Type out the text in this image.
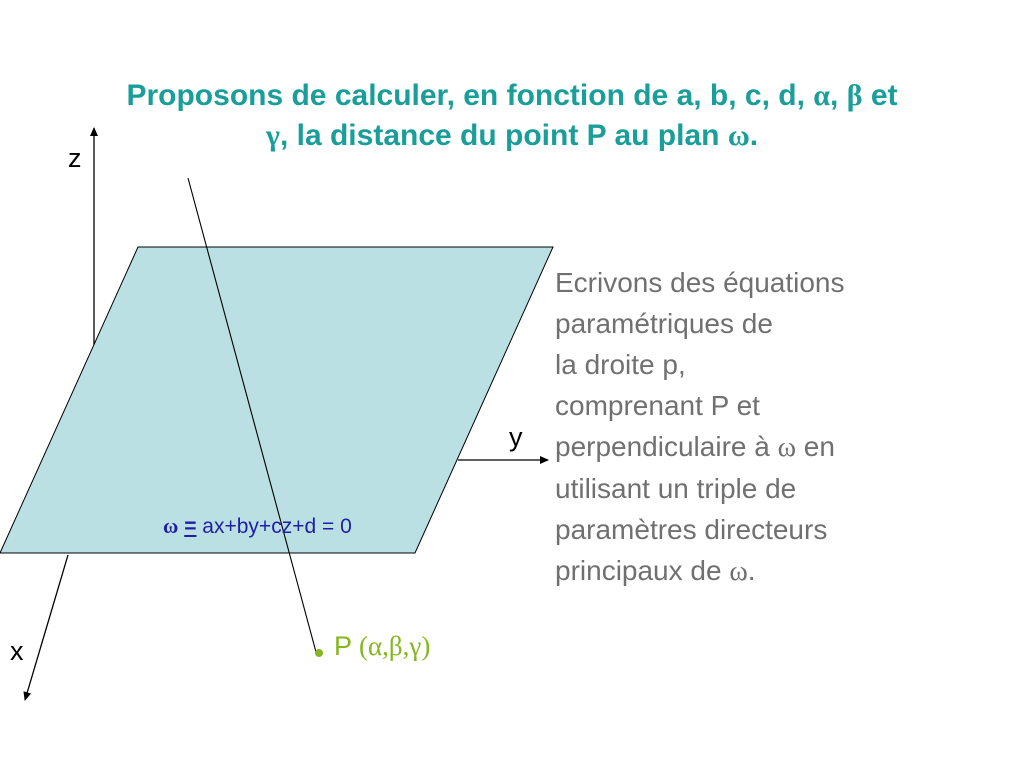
Proposons de calculer, en fonction de a, b, c, d, α, β et
γ, la distance du point P au plan ω.
z
y
x
ω = ax+by+cz+d = 0
P (α,β,γ)
Ecrivons des équations
paramétriques de
la droite p,
comprenant P et
perpendiculaire à ω en
utilisant un triple de
paramètres directeurs
principaux de ω.
